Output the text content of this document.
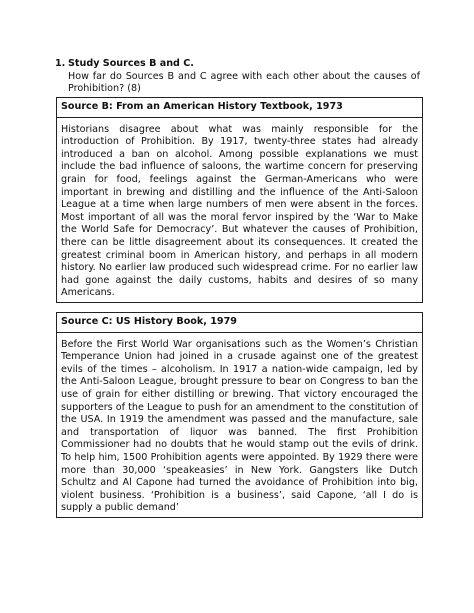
1. Study Sources B and C.
How far do Sources B and C agree with each other about the causes of Prohibition? (8)
Source B: From an American History Textbook, 1973
Historians disagree about what was mainly responsible for the introduction of Prohibition. By 1917, twenty-three states had already introduced a ban on alcohol. Among possible explanations we must include the bad influence of saloons, the wartime concern for preserving grain for food, feelings against the German-Americans who were important in brewing and distilling and the influence of the Anti-Saloon League at a time when large numbers of men were absent in the forces. Most important of all was the moral fervor inspired by the ‘War to Make the World Safe for Democracy’. But whatever the causes of Prohibition, there can be little disagreement about its consequences. It created the greatest criminal boom in American history, and perhaps in all modern history. No earlier law produced such widespread crime. For no earlier law had gone against the daily customs, habits and desires of so many Americans.
Source C: US History Book, 1979
Before the First World War organisations such as the Women’s Christian Temperance Union had joined in a crusade against one of the greatest evils of the times – alcoholism. In 1917 a nation-wide campaign, led by the Anti-Saloon League, brought pressure to bear on Congress to ban the use of grain for either distilling or brewing. That victory encouraged the supporters of the League to push for an amendment to the constitution of the USA. In 1919 the amendment was passed and the manufacture, sale and transportation of liquor was banned. The first Prohibition Commissioner had no doubts that he would stamp out the evils of drink. To help him, 1500 Prohibition agents were appointed. By 1929 there were more than 30,000 ‘speakeasies’ in New York. Gangsters like Dutch Schultz and Al Capone had turned the avoidance of Prohibition into big, violent business. ‘Prohibition is a business’, said Capone, ‘all I do is supply a public demand’
